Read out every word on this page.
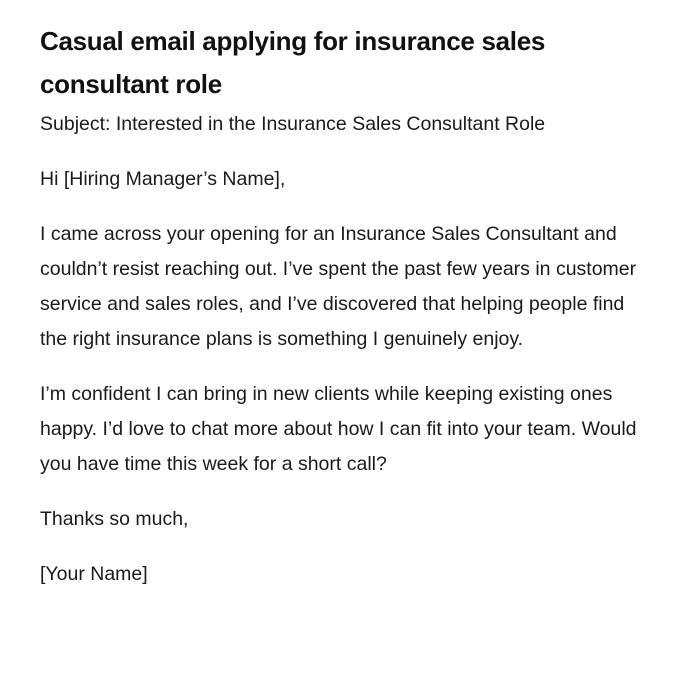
Casual email applying for insurance sales consultant role

Subject: Interested in the Insurance Sales Consultant Role

Hi [Hiring Manager’s Name],

I came across your opening for an Insurance Sales Consultant and couldn’t resist reaching out. I’ve spent the past few years in customer service and sales roles, and I’ve discovered that helping people find the right insurance plans is something I genuinely enjoy.

I’m confident I can bring in new clients while keeping existing ones happy. I’d love to chat more about how I can fit into your team. Would you have time this week for a short call?

Thanks so much,

[Your Name]
